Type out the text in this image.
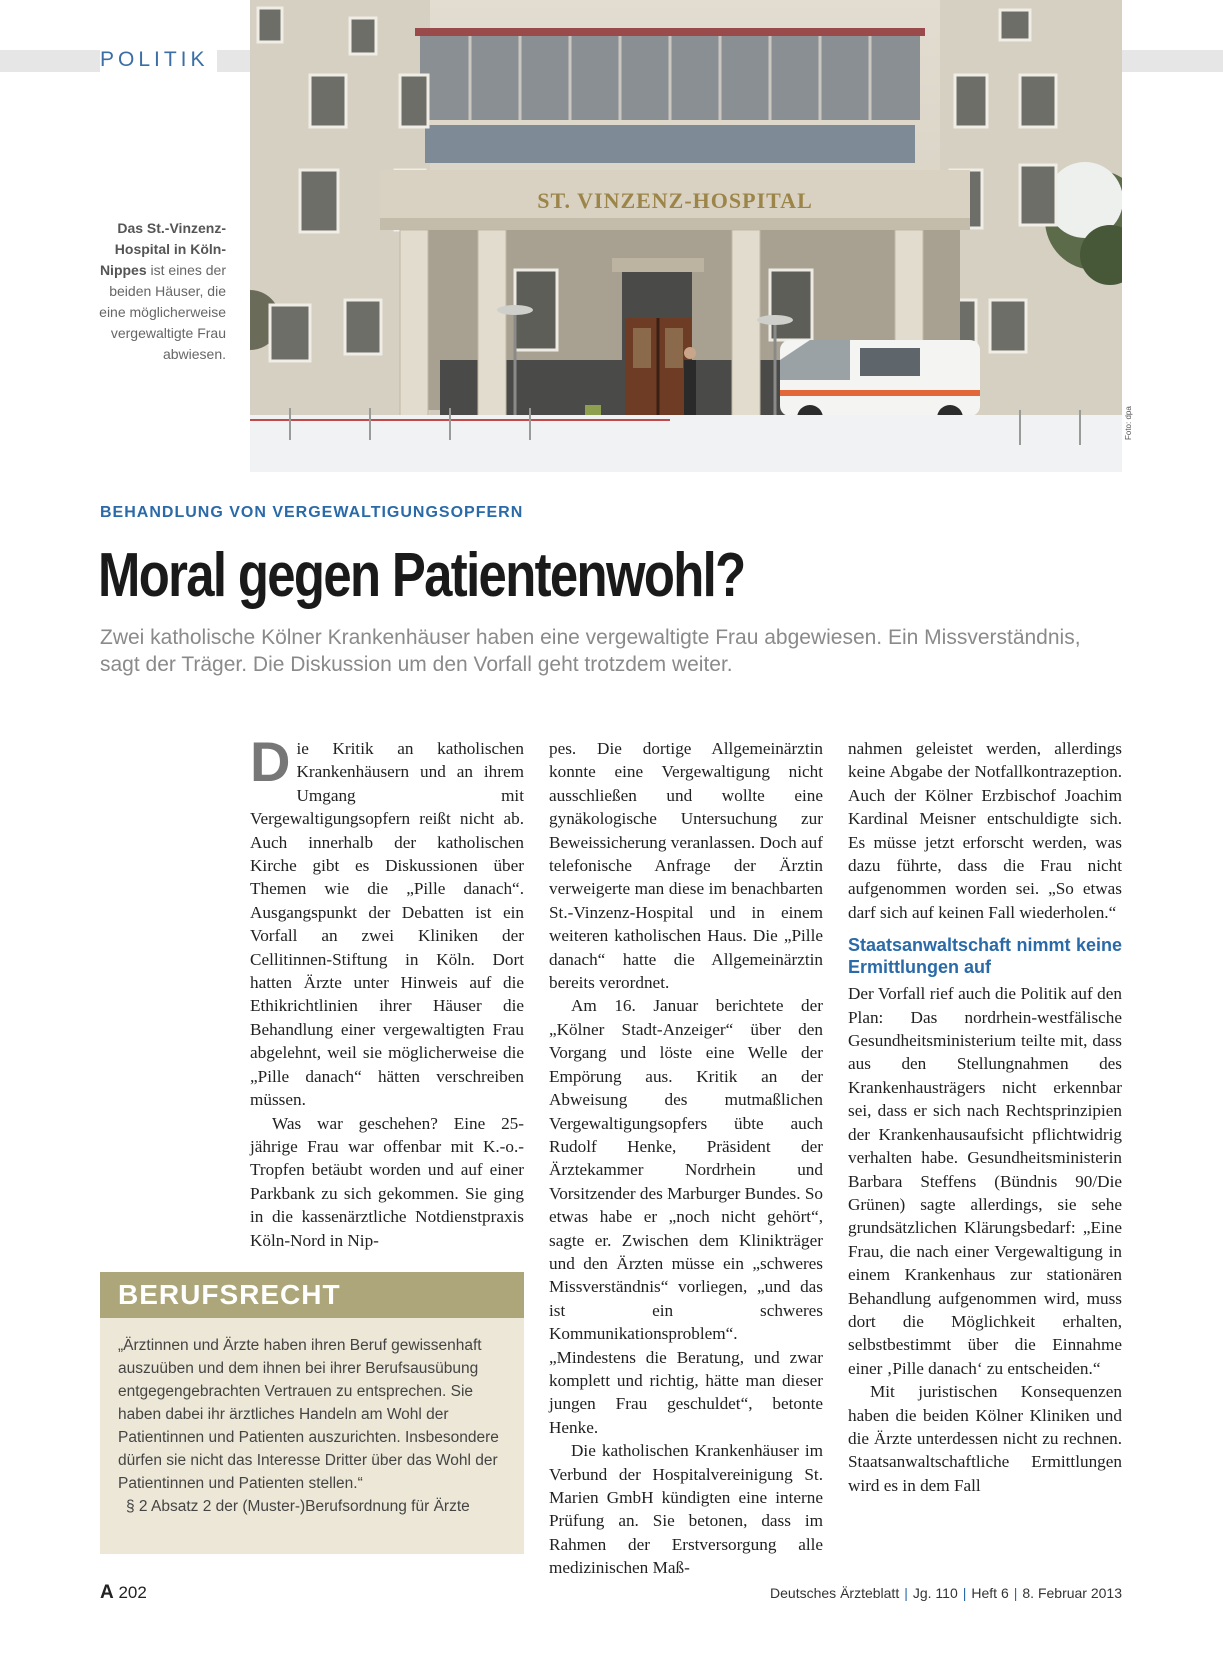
POLITIK
ST. VINZENZ-HOSPITAL
Foto: dpa
Das St.-Vinzenz-Hospital in Köln-Nippes ist eines der beiden Häuser, die eine möglicherweise vergewaltigte Frau abwiesen.
BEHANDLUNG VON VERGEWALTIGUNGSOPFERN
Moral gegen Patientenwohl?
Zwei katholische Kölner Krankenhäuser haben eine vergewaltigte Frau abgewiesen. Ein Missverständnis, sagt der Träger. Die Diskussion um den Vorfall geht trotzdem weiter.

Die Kritik an katholischen Krankenhäusern und an ihrem Umgang mit Vergewaltigungsopfern reißt nicht ab. Auch innerhalb der katholischen Kirche gibt es Diskussionen über Themen wie die „Pille danach“. Ausgangspunkt der Debatten ist ein Vorfall an zwei Kliniken der Cellitinnen-Stiftung in Köln. Dort hatten Ärzte unter Hinweis auf die Ethikrichtlinien ihrer Häuser die Behandlung einer vergewaltigten Frau abgelehnt, weil sie möglicherweise die „Pille danach“ hätten verschreiben müssen.

Was war geschehen? Eine 25-jährige Frau war offenbar mit K.-o.-Tropfen betäubt worden und auf einer Parkbank zu sich gekommen. Sie ging in die kassenärztliche Notdienstpraxis Köln-Nord in Nip-

pes. Die dortige Allgemeinärztin konnte eine Vergewaltigung nicht ausschließen und wollte eine gynäkologische Untersuchung zur Beweissicherung veranlassen. Doch auf telefonische Anfrage der Ärztin verweigerte man diese im benachbarten St.-Vinzenz-Hospital und in einem weiteren katholischen Haus. Die „Pille danach“ hatte die Allgemeinärztin bereits verordnet.

Am 16. Januar berichtete der „Kölner Stadt-Anzeiger“ über den Vorgang und löste eine Welle der Empörung aus. Kritik an der Abweisung des mutmaßlichen Vergewaltigungsopfers übte auch Rudolf Henke, Präsident der Ärztekammer Nordrhein und Vorsitzender des Marburger Bundes. So etwas habe er „noch nicht gehört“, sagte er. Zwischen dem Klinikträger und den Ärzten müsse ein „schweres Missverständnis“ vorliegen, „und das ist ein schweres Kommunikationsproblem“. „Mindestens die Beratung, und zwar komplett und richtig, hätte man dieser jungen Frau geschuldet“, betonte Henke.

Die katholischen Krankenhäuser im Verbund der Hospitalvereinigung St. Marien GmbH kündigten eine interne Prüfung an. Sie betonen, dass im Rahmen der Erstversorgung alle medizinischen Maß-

nahmen geleistet werden, allerdings keine Abgabe der Notfallkontrazeption. Auch der Kölner Erzbischof Joachim Kardinal Meisner entschuldigte sich. Es müsse jetzt erforscht werden, was dazu führte, dass die Frau nicht aufgenommen worden sei. „So etwas darf sich auf keinen Fall wiederholen.“

Staatsanwaltschaft nimmt keine Ermittlungen auf

Der Vorfall rief auch die Politik auf den Plan: Das nordrhein-westfälische Gesundheitsministerium teilte mit, dass aus den Stellungnahmen des Krankenhausträgers nicht erkennbar sei, dass er sich nach Rechtsprinzipien der Krankenhausaufsicht pflichtwidrig verhalten habe. Gesundheitsministerin Barbara Steffens (Bündnis 90/Die Grünen) sagte allerdings, sie sehe grundsätzlichen Klärungsbedarf: „Eine Frau, die nach einer Vergewaltigung in einem Krankenhaus zur stationären Behandlung aufgenommen wird, muss dort die Möglichkeit erhalten, selbstbestimmt über die Einnahme einer ‚Pille danach‘ zu entscheiden.“

Mit juristischen Konsequenzen haben die beiden Kölner Kliniken und die Ärzte unterdessen nicht zu rechnen. Staatsanwaltschaftliche Ermittlungen wird es in dem Fall

BERUFSRECHT

„Ärztinnen und Ärzte haben ihren Beruf gewissenhaft auszuüben und dem ihnen bei ihrer Berufsausübung entgegengebrachten Vertrauen zu entsprechen. Sie haben dabei ihr ärztliches Handeln am Wohl der Patientinnen und Patienten auszurichten. Insbesondere dürfen sie nicht das Interesse Dritter über das Wohl der Patientinnen und Patienten stellen.“

§ 2 Absatz 2 der (Muster-)Berufsordnung für Ärzte

A 202	Deutsches Ärzteblatt | Jg. 110 | Heft 6 | 8. Februar 2013
